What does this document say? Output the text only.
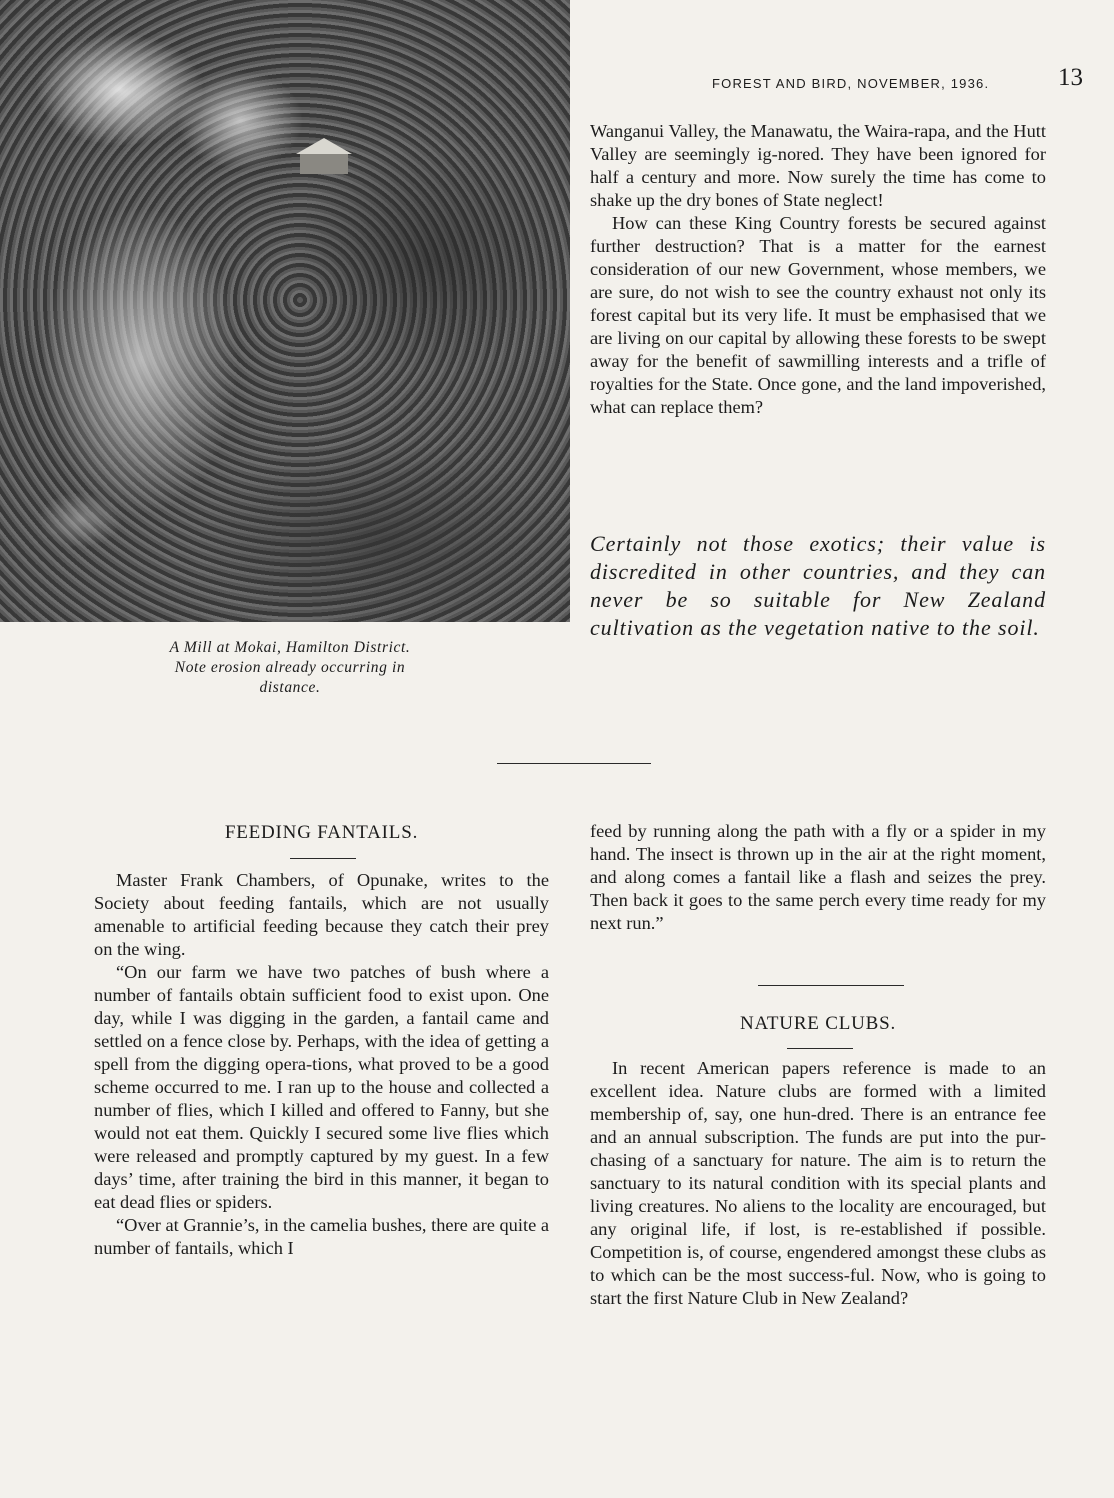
A Mill at Mokai, Hamilton District.
Note erosion already occurring in
distance.
FOREST AND BIRD, NOVEMBER, 1936.	13

Wanganui Valley, the Manawatu, the Waira-rapa, and the Hutt Valley are seemingly ig-nored. They have been ignored for half a century and more. Now surely the time has come to shake up the dry bones of State neglect!

How can these King Country forests be secured against further destruction? That is a matter for the earnest consideration of our new Government, whose members, we are sure, do not wish to see the country exhaust not only its forest capital but its very life. It must be emphasised that we are living on our capital by allowing these forests to be swept away for the benefit of sawmilling interests and a trifle of royalties for the State. Once gone, and the land impoverished, what can replace them?

Certainly not those exotics; their value is discredited in other countries, and they can never be so suitable for New Zealand cultivation as the vegetation native to the soil.
FEEDING FANTAILS.

Master Frank Chambers, of Opunake, writes to the Society about feeding fantails, which are not usually amenable to artificial feeding because they catch their prey on the wing.

“On our farm we have two patches of bush where a number of fantails obtain sufficient food to exist upon. One day, while I was digging in the garden, a fantail came and settled on a fence close by. Perhaps, with the idea of getting a spell from the digging opera-tions, what proved to be a good scheme occurred to me. I ran up to the house and collected a number of flies, which I killed and offered to Fanny, but she would not eat them. Quickly I secured some live flies which were released and promptly captured by my guest. In a few days’ time, after training the bird in this manner, it began to eat dead flies or spiders.

“Over at Grannie’s, in the camelia bushes, there are quite a number of fantails, which I

feed by running along the path with a fly or a spider in my hand. The insect is thrown up in the air at the right moment, and along comes a fantail like a flash and seizes the prey. Then back it goes to the same perch every time ready for my next run.”

NATURE CLUBS.

In recent American papers reference is made to an excellent idea. Nature clubs are formed with a limited membership of, say, one hun-dred. There is an entrance fee and an annual subscription. The funds are put into the pur-chasing of a sanctuary for nature. The aim is to return the sanctuary to its natural condition with its special plants and living creatures. No aliens to the locality are encouraged, but any original life, if lost, is re-established if possible. Competition is, of course, engendered amongst these clubs as to which can be the most success-ful. Now, who is going to start the first Nature Club in New Zealand?
